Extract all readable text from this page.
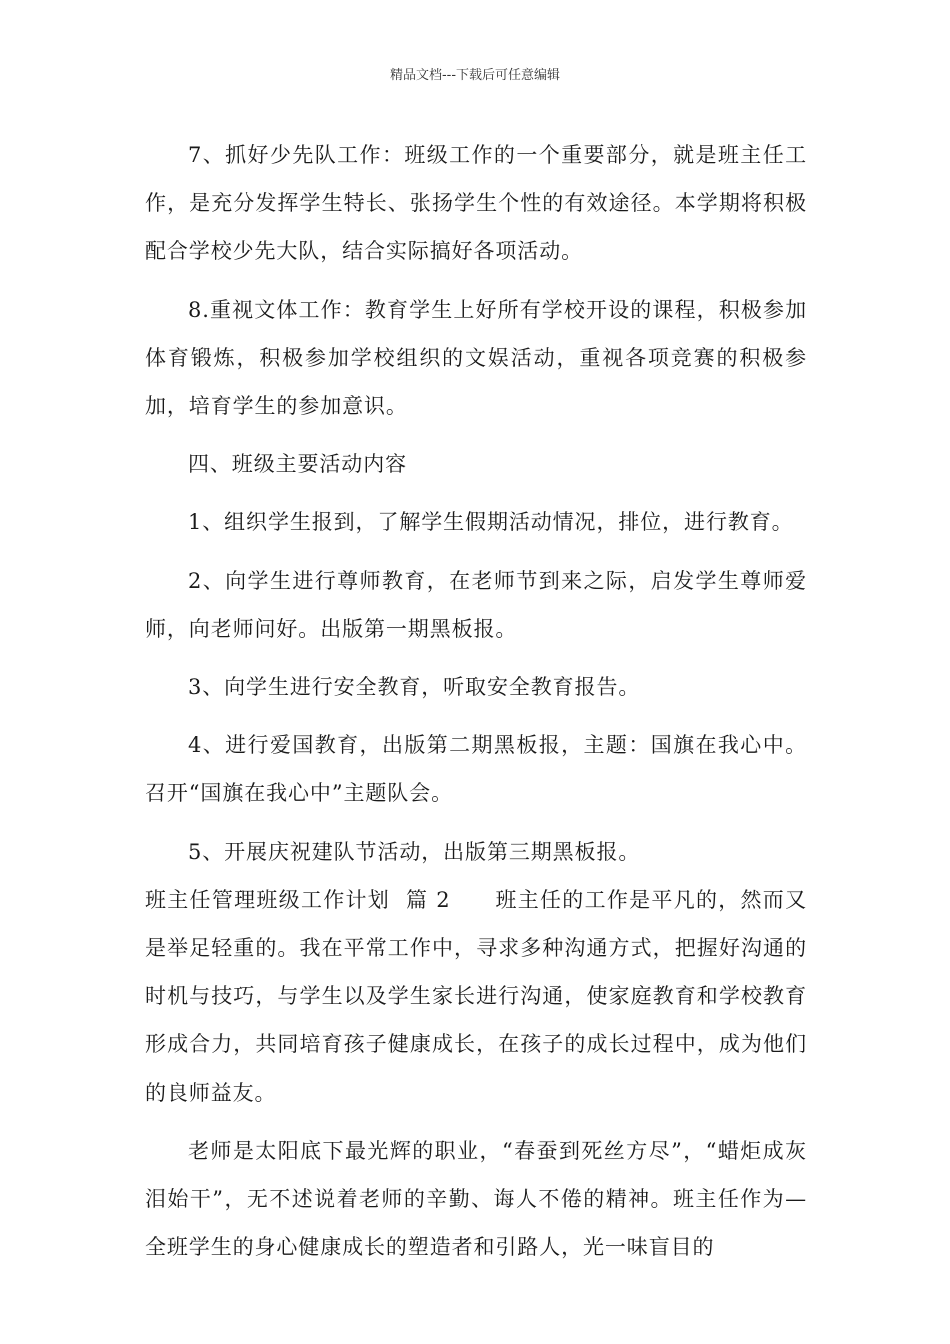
精品文档---下载后可任意编辑

7、抓好少先队工作：班级工作的一个重要部分，就是班主任工作，是充分发挥学生特长、张扬学生个性的有效途径。本学期将积极配合学校少先大队，结合实际搞好各项活动。

8.重视文体工作：教育学生上好所有学校开设的课程，积极参加体育锻炼，积极参加学校组织的文娱活动，重视各项竞赛的积极参加，培育学生的参加意识。

四、班级主要活动内容

1、组织学生报到，了解学生假期活动情况，排位，进行教育。

2、向学生进行尊师教育，在老师节到来之际，启发学生尊师爱师，向老师问好。出版第一期黑板报。

3、向学生进行安全教育，听取安全教育报告。

4、进行爱国教育，出版第二期黑板报，主题：国旗在我心中。召开“国旗在我心中”主题队会。

5、开展庆祝建队节活动，出版第三期黑板报。

班主任管理班级工作计划  篇 2　　 班主任的工作是平凡的，然而又是举足轻重的。我在平常工作中，寻求多种沟通方式，把握好沟通的时机与技巧，与学生以及学生家长进行沟通，使家庭教育和学校教育形成合力，共同培育孩子健康成长，在孩子的成长过程中，成为他们的良师益友。

老师是太阳底下最光辉的职业，“春蚕到死丝方尽”，“蜡炬成灰泪始干”，无不述说着老师的辛勤、诲人不倦的精神。班主任作为—全班学生的身心健康成长的塑造者和引路人，光一味盲目的
